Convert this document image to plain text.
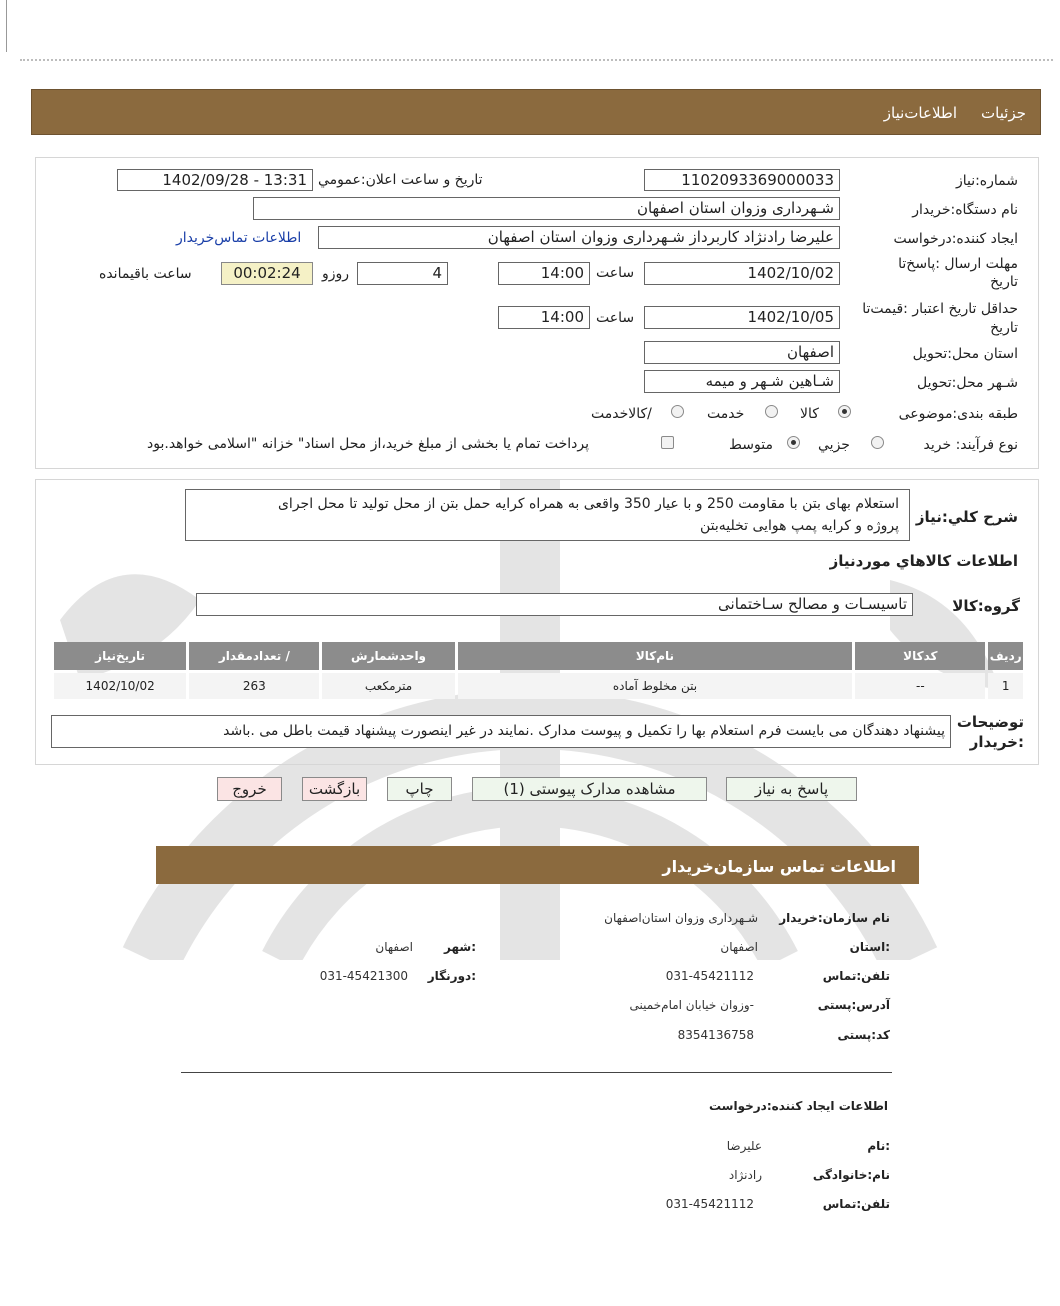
جزئیات
اطلاعات‌نیاز
شماره:نیاز
1102093369000033
تاریخ و ساعت اعلان:عمومي
1402/09/28 - 13:31
نام دستگاه:خریدار
شـهرداری وزوان استان اصفهان
ایجاد کننده:درخواست
علیرضا رادنژاد کاربرداز شـهرداری وزوان استان اصفهان
اطلاعات تماس‌خریدار
مهلت ارسال :پاسخ‌تا
تاریخ
1402/10/02
ساعت
14:00
4
روزو
00:02:24
ساعت باقیمانده
حداقل تاریخ اعتبار :قیمت‌تا
تاریخ
1402/10/05
ساعت
14:00
استان محل:تحویل
اصفهان
شـهر محل:تحویل
شـاهین شـهر و میمه
طبقه بندی:موضوعی
کالا
خدمت
/کالاخدمت
نوع فرآیند: خرید
جزيي
متوسط
پرداخت تمام یا بخشی از مبلغ خرید،از محل اسناد" خزانه "اسلامی خواهد.بود
شرح کلي:نیاز
استعلام بهای بتن با مقاومت 250 و با عیار 350 واقعی به همراه کرایه حمل بتن از محل تولید تا محل اجرای
پروژه و کرایه پمپ هوایی تخلیه‌بتن
اطلاعات کالاهاي موردنیاز
گروه:کالا
تاسیسـات و مصالح سـاختمانی
ردیف	کدکالا	نام‌کالا	واحدشمارش	/ تعدادمقدار	تاریخ‌نیاز
1	--	بتن مخلوط آماده	مترمکعب	263	1402/10/02
توضیحات
:خریدار
پیشنهاد دهندگان می بایست فرم استعلام بها را تکمیل و پیوست مدارک .نمایند در غیر اینصورت پیشنهاد قیمت باطل می .باشد
پاسخ به نیاز
مشاهده مدارک پیوستی (1)
چاپ
بازگشت
خروج
اطلاعات تماس سازمان‌خریدار
نام سازمان:خریدار
شـهرداری وزوان استان‌اصفهان
:استان
اصفهان
:شهر
اصفهان
تلفن:تماس
031-45421112
:دورنگار
031-45421300
آدرس:پستی
-وزوان خیابان امام‌خمینی
کد:پستی
8354136758
اطلاعات ایجاد کننده:درخواست
:نام
علیرضا
نام:خانوادگی
رادنژاد
تلفن:تماس
031-45421112
